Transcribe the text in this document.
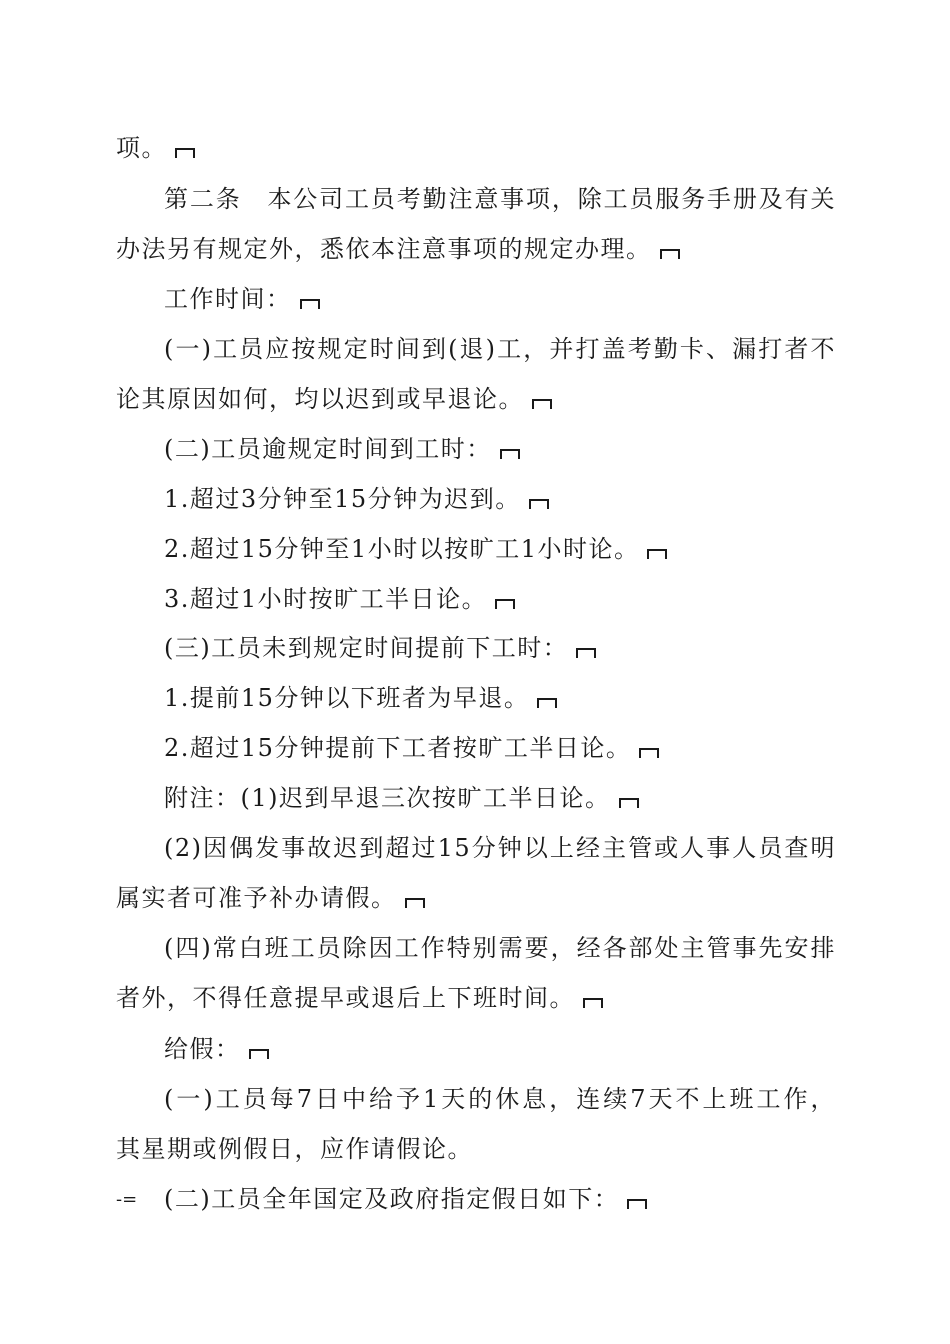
项。
第二条　本公司工员考勤注意事项，除工员服务手册及有关
办法另有规定外，悉依本注意事项的规定办理。
工作时间：
(一)工员应按规定时间到(退)工，并打盖考勤卡、漏打者不
论其原因如何，均以迟到或早退论。
(二)工员逾规定时间到工时：
1.超过3分钟至15分钟为迟到。
2.超过15分钟至1小时以按旷工1小时论。
3.超过1小时按旷工半日论。
(三)工员未到规定时间提前下工时：
1.提前15分钟以下班者为早退。
2.超过15分钟提前下工者按旷工半日论。
附注：(1)迟到早退三次按旷工半日论。
(2)因偶发事故迟到超过15分钟以上经主管或人事人员查明
属实者可准予补办请假。
(四)常白班工员除因工作特别需要，经各部处主管事先安排
者外，不得任意提早或退后上下班时间。
给假：
(一)工员每7日中给予1天的休息，连续7天不上班工作，
其星期或例假日，应作请假论。
-= (二)工员全年国定及政府指定假日如下：
